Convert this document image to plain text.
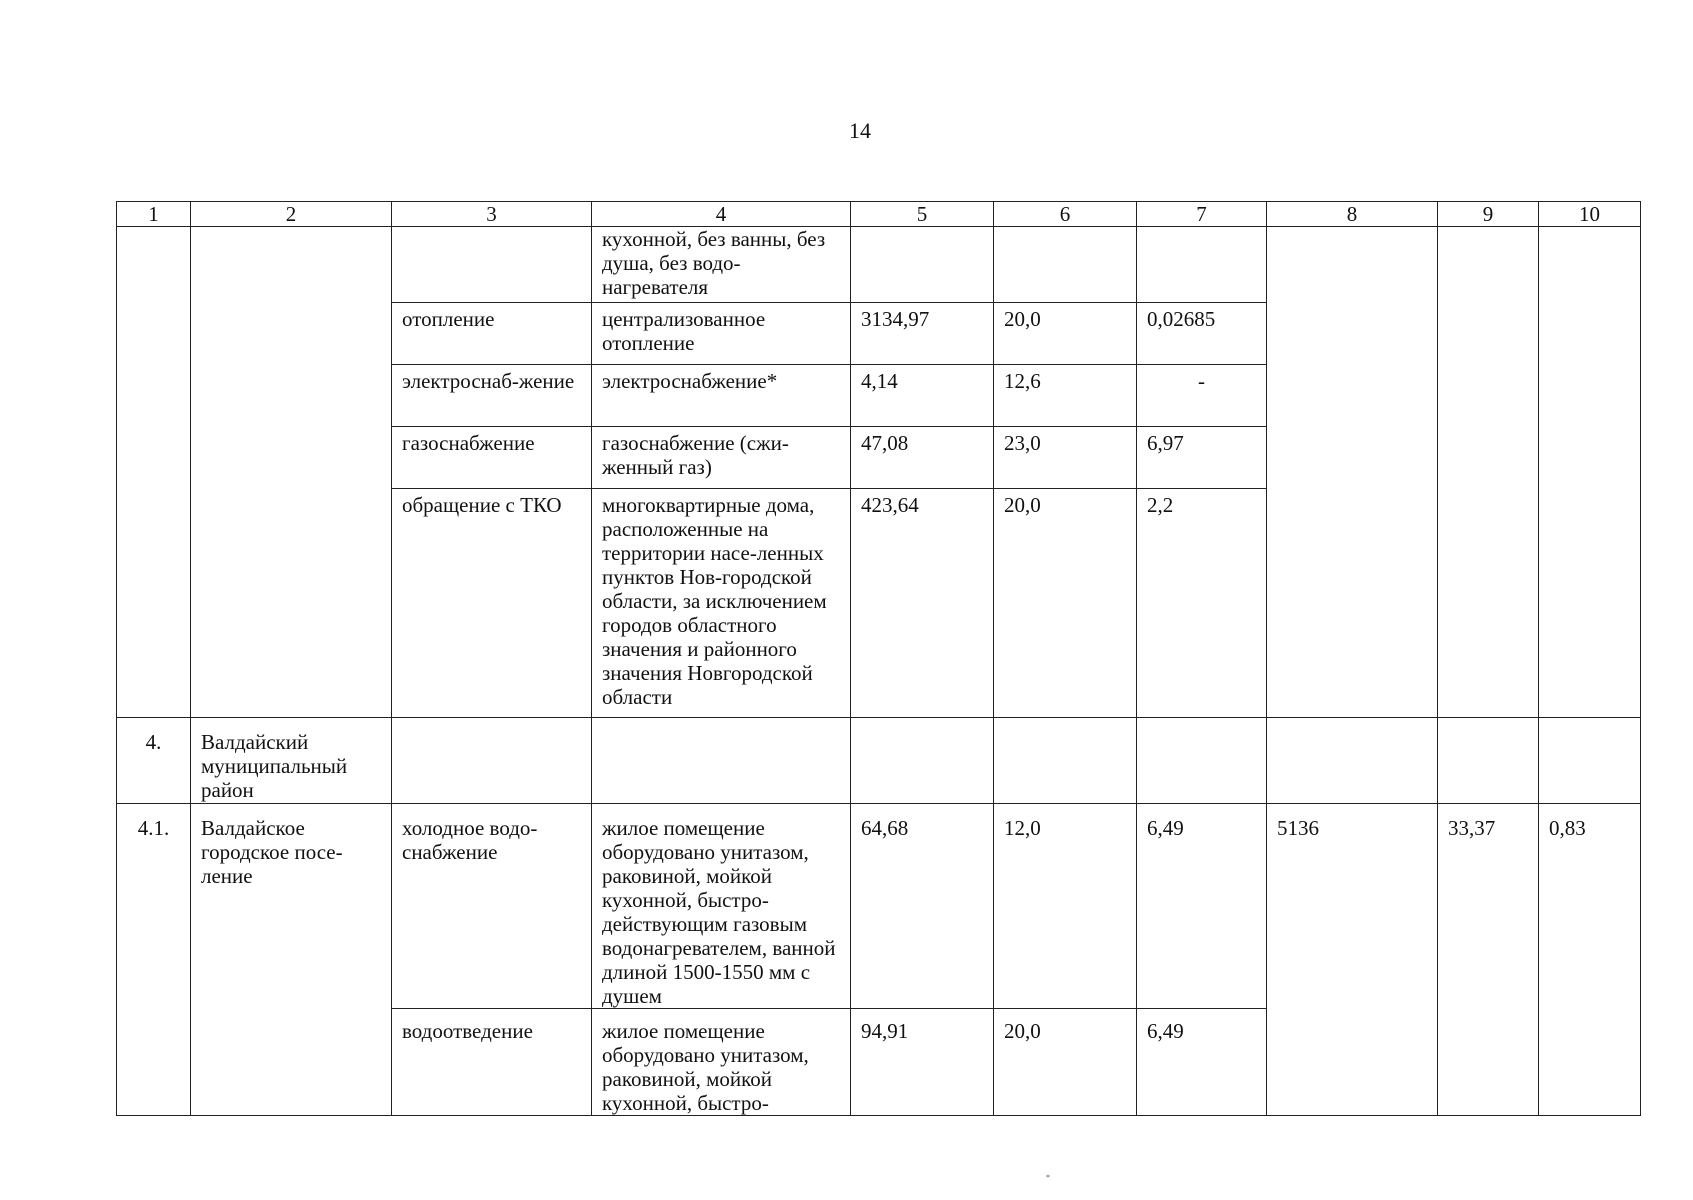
14
1	2	3	4	5	6	7	8	9	10
			кухонной, без ванны, без душа, без водо-нагревателя						
		отопление	централизованное отопление	3134,97	20,0	0,02685			
		электроснаб-жение	электроснабжение*	4,14	12,6	-			
		газоснабжение	газоснабжение (сжи-женный газ)	47,08	23,0	6,97			
		обращение с ТКО	многоквартирные дома, расположенные на территории насе-ленных пунктов Нов-городской области, за исключением городов областного значения и районного значения Новгородской области	423,64	20,0	2,2			
4.	Валдайский муниципальный район								
4.1.	Валдайское городское посе-ление	холодное водо-снабжение	жилое помещение оборудовано унитазом, раковиной, мойкой кухонной, быстро-действующим газовым водонагревателем, ванной длиной 1500-1550 мм с душем	64,68	12,0	6,49	5136	33,37	0,83
		водоотведение	жилое помещение оборудовано унитазом, раковиной, мойкой кухонной, быстро-	94,91	20,0	6,49			
*
